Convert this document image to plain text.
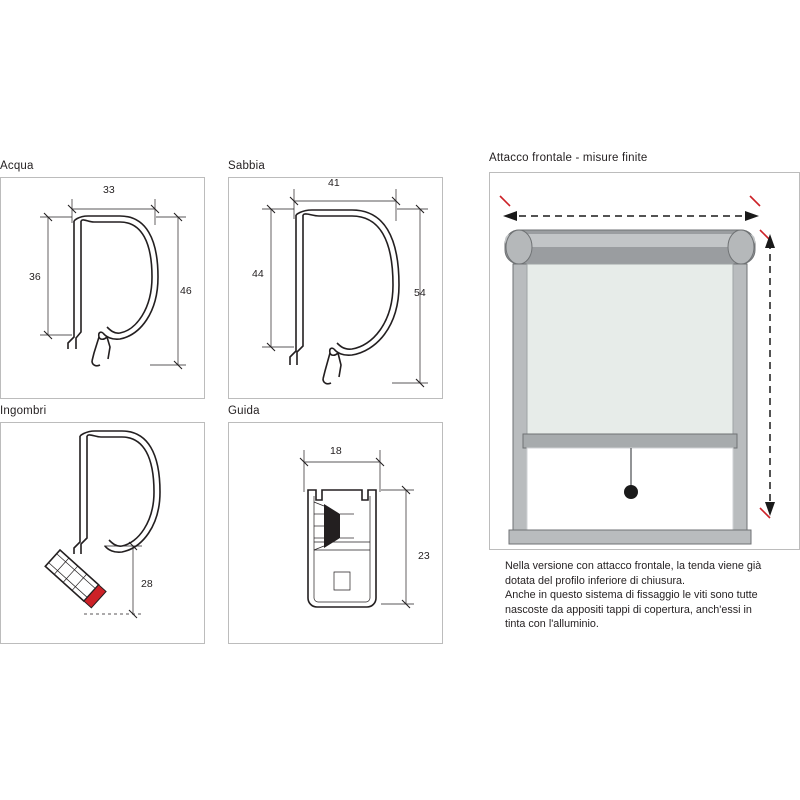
Acqua
33
36
46
Sabbia
41
44
54
Ingombri
28
Guida
18
23
Attacco frontale - misure finite
Nella versione con attacco frontale, la tenda viene già
dotata del profilo inferiore di chiusura.
Anche in questo sistema di fissaggio le viti sono tutte
nascoste da appositi tappi di copertura, anch'essi in
tinta con l'alluminio.
